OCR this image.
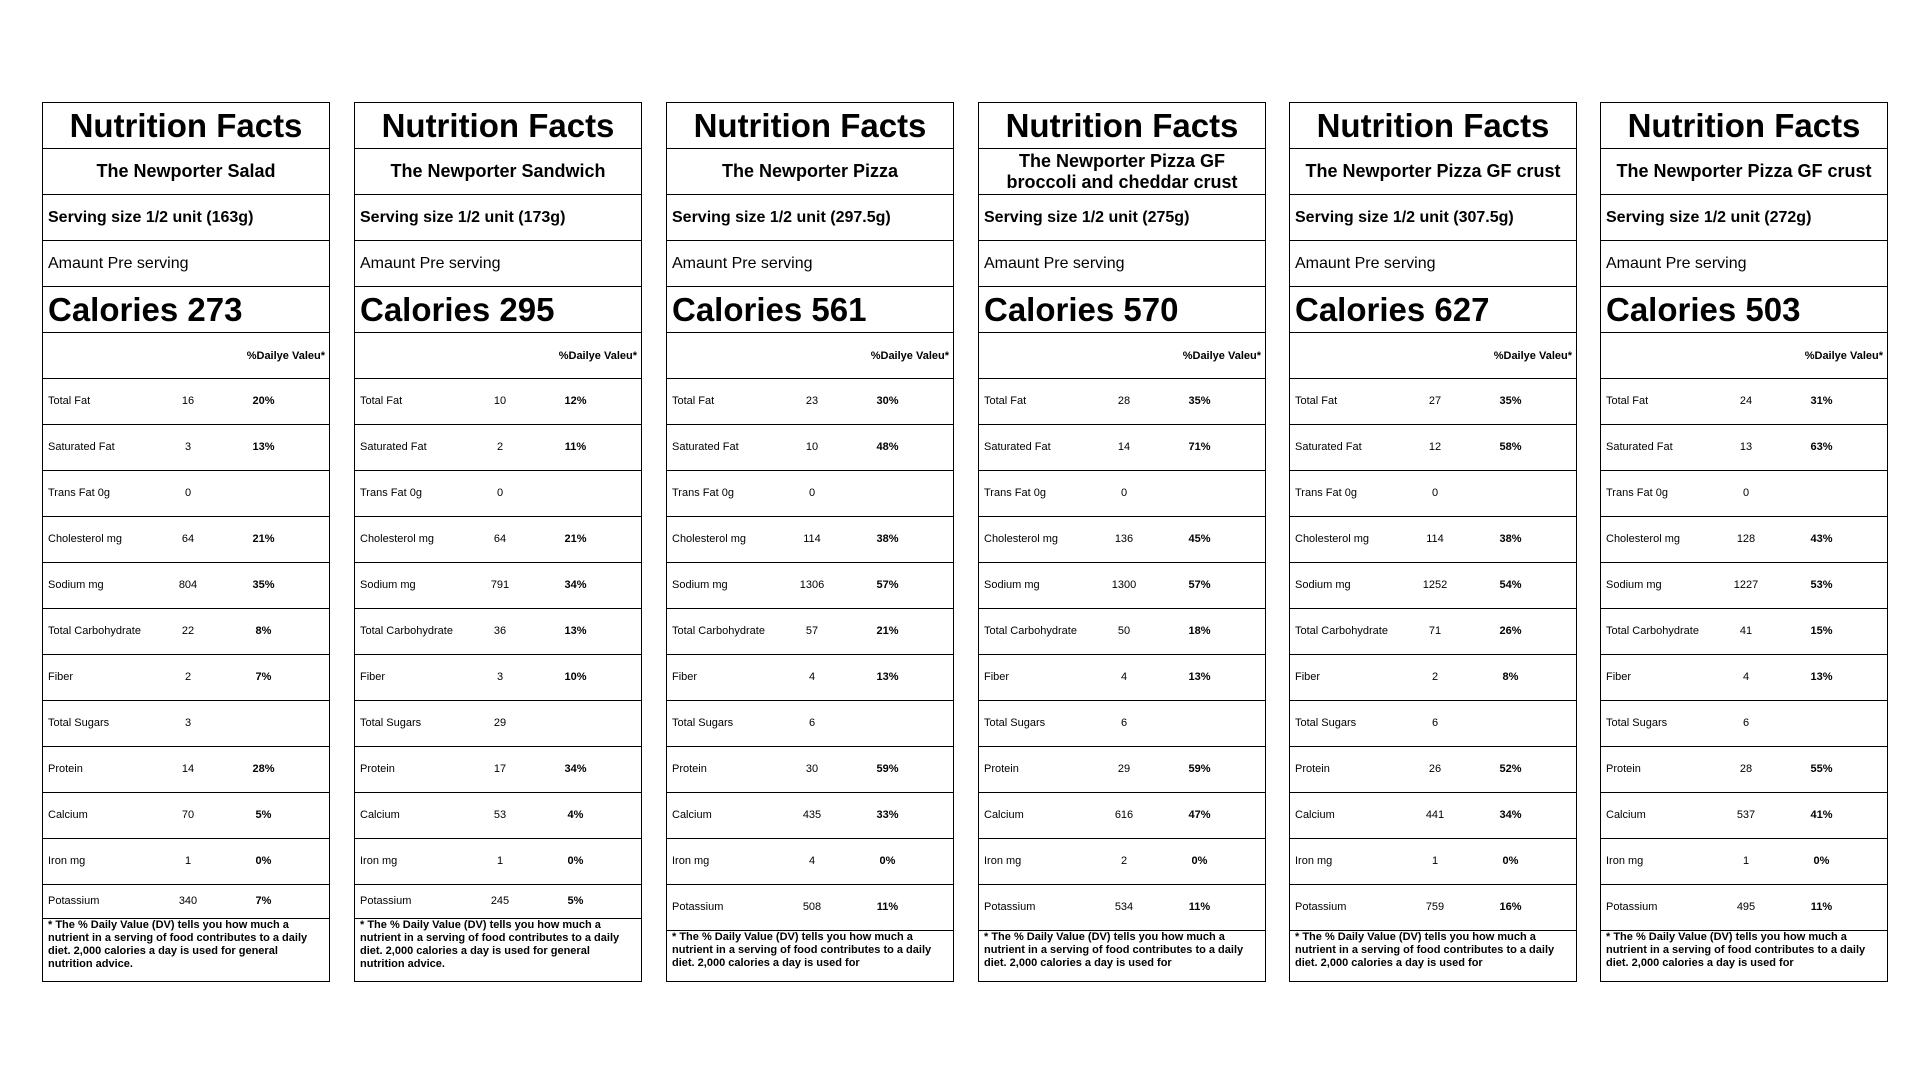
Nutrition Facts
The Newporter Salad
Serving size 1/2 unit (163g)
Amaunt Pre serving
Calories 273
%Dailye Valeu*
Total Fat	16	20%
Saturated Fat	3	13%
Trans Fat 0g	0
Cholesterol mg	64	21%
Sodium mg	804	35%
Total Carbohydrate	22	8%
Fiber	2	7%
Total Sugars	3
Protein	14	28%
Calcium	70	5%
Iron mg	1	0%
Potassium	340	7%
* The % Daily Value (DV) tells you how much a nutrient in a serving of food contributes to a daily diet. 2,000 calories a day is used for general nutrition advice.
Nutrition Facts
The Newporter Sandwich
Serving size 1/2 unit (173g)
Amaunt Pre serving
Calories 295
%Dailye Valeu*
Total Fat	10	12%
Saturated Fat	2	11%
Trans Fat 0g	0
Cholesterol mg	64	21%
Sodium mg	791	34%
Total Carbohydrate	36	13%
Fiber	3	10%
Total Sugars	29
Protein	17	34%
Calcium	53	4%
Iron mg	1	0%
Potassium	245	5%
* The % Daily Value (DV) tells you how much a nutrient in a serving of food contributes to a daily diet. 2,000 calories a day is used for general nutrition advice.
Nutrition Facts
The Newporter Pizza
Serving size 1/2 unit (297.5g)
Amaunt Pre serving
Calories 561
%Dailye Valeu*
Total Fat	23	30%
Saturated Fat	10	48%
Trans Fat 0g	0
Cholesterol mg	114	38%
Sodium mg	1306	57%
Total Carbohydrate	57	21%
Fiber	4	13%
Total Sugars	6
Protein	30	59%
Calcium	435	33%
Iron mg	4	0%
Potassium	508	11%
* The % Daily Value (DV) tells you how much a nutrient in a serving of food contributes to a daily diet. 2,000 calories a day is used for
Nutrition Facts
The Newporter Pizza GF broccoli and cheddar crust
Serving size 1/2 unit (275g)
Amaunt Pre serving
Calories 570
%Dailye Valeu*
Total Fat	28	35%
Saturated Fat	14	71%
Trans Fat 0g	0
Cholesterol mg	136	45%
Sodium mg	1300	57%
Total Carbohydrate	50	18%
Fiber	4	13%
Total Sugars	6
Protein	29	59%
Calcium	616	47%
Iron mg	2	0%
Potassium	534	11%
* The % Daily Value (DV) tells you how much a nutrient in a serving of food contributes to a daily diet. 2,000 calories a day is used for
Nutrition Facts
The Newporter Pizza GF crust
Serving size 1/2 unit (307.5g)
Amaunt Pre serving
Calories 627
%Dailye Valeu*
Total Fat	27	35%
Saturated Fat	12	58%
Trans Fat 0g	0
Cholesterol mg	114	38%
Sodium mg	1252	54%
Total Carbohydrate	71	26%
Fiber	2	8%
Total Sugars	6
Protein	26	52%
Calcium	441	34%
Iron mg	1	0%
Potassium	759	16%
* The % Daily Value (DV) tells you how much a nutrient in a serving of food contributes to a daily diet. 2,000 calories a day is used for
Nutrition Facts
The Newporter Pizza GF crust
Serving size 1/2 unit (272g)
Amaunt Pre serving
Calories 503
%Dailye Valeu*
Total Fat	24	31%
Saturated Fat	13	63%
Trans Fat 0g	0
Cholesterol mg	128	43%
Sodium mg	1227	53%
Total Carbohydrate	41	15%
Fiber	4	13%
Total Sugars	6
Protein	28	55%
Calcium	537	41%
Iron mg	1	0%
Potassium	495	11%
* The % Daily Value (DV) tells you how much a nutrient in a serving of food contributes to a daily diet. 2,000 calories a day is used for
